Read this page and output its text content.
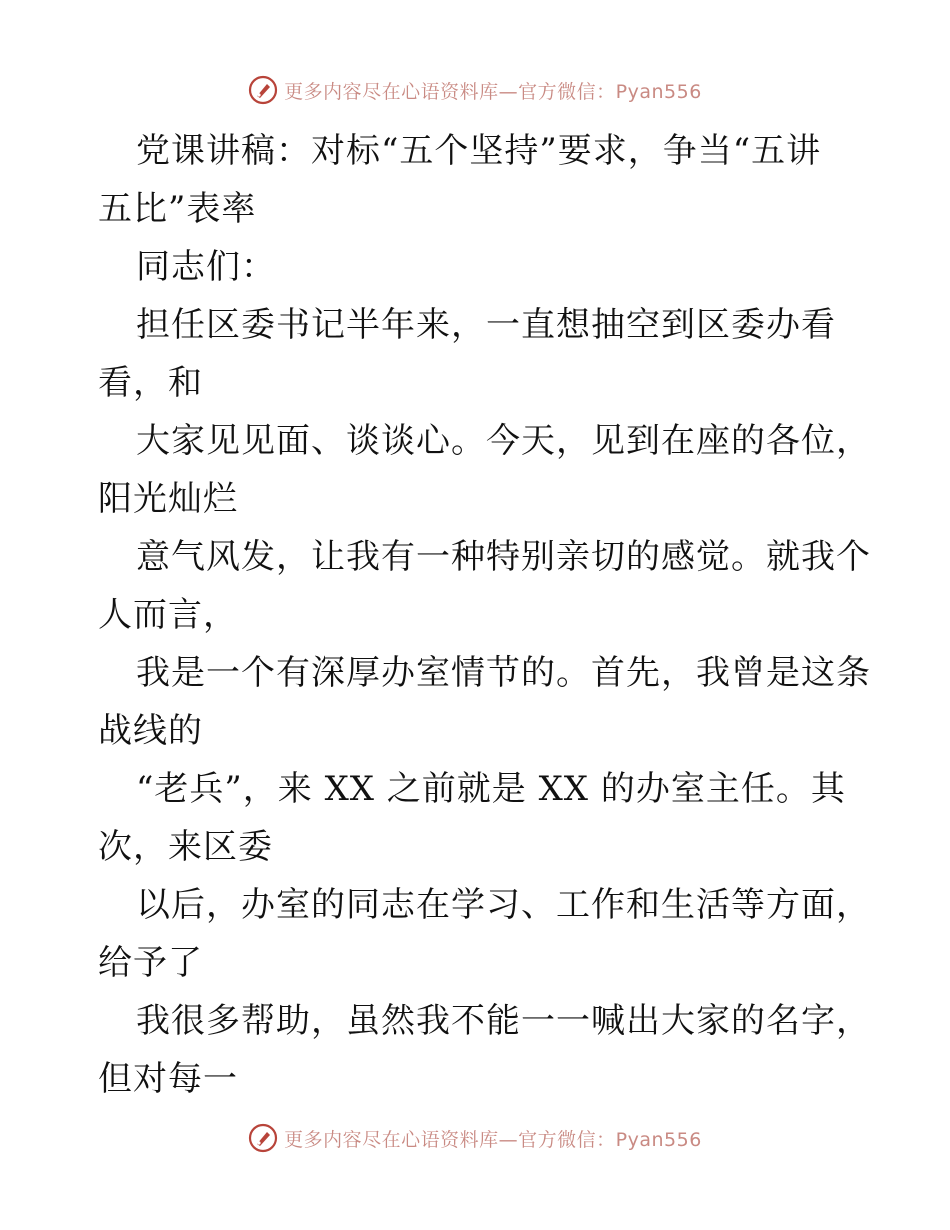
更多内容尽在心语资料库—官方微信：Pyan556
党课讲稿：对标“五个坚持”要求，争当“五讲
五比”表率
同志们：
担任区委书记半年来，一直想抽空到区委办看
看，和
大家见见面、谈谈心。今天，见到在座的各位，
阳光灿烂
意气风发，让我有一种特别亲切的感觉。就我个
人而言，
我是一个有深厚办室情节的。首先，我曾是这条
战线的
“老兵”，来 XX 之前就是 XX 的办室主任。其
次，来区委
以后，办室的同志在学习、工作和生活等方面，
给予了
我很多帮助，虽然我不能一一喊出大家的名字，
但对每一
更多内容尽在心语资料库—官方微信：Pyan556
